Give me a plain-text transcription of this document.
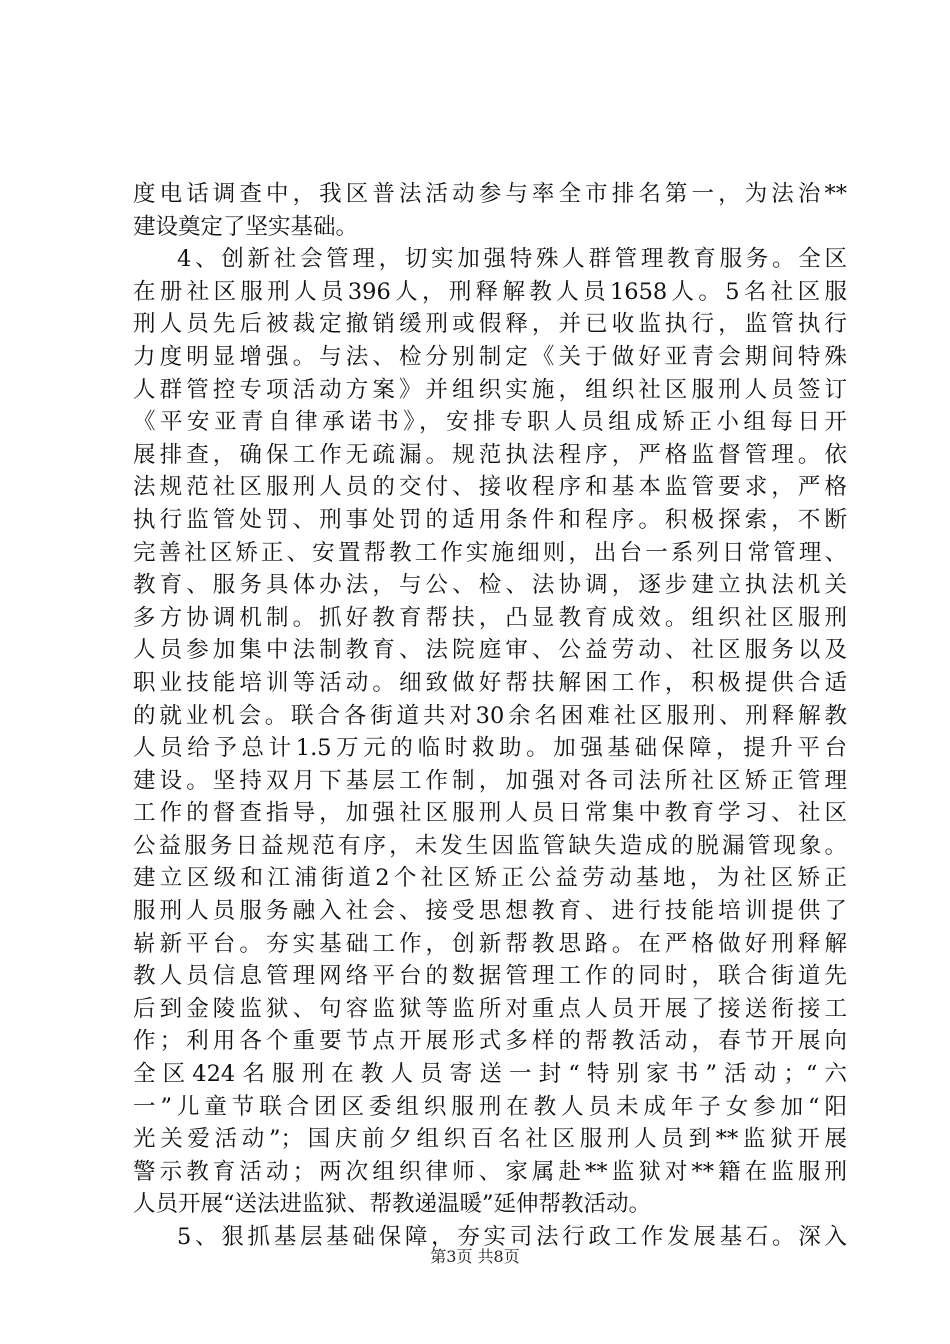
度电话调查中，我区普法活动参与率全市排名第一，为法治**
建设奠定了坚实基础。
4、创新社会管理，切实加强特殊人群管理教育服务。全区
在册社区服刑人员396人，刑释解教人员1658人。5名社区服
刑人员先后被裁定撤销缓刑或假释，并已收监执行，监管执行
力度明显增强。与法、检分别制定《关于做好亚青会期间特殊
人群管控专项活动方案》并组织实施，组织社区服刑人员签订
《平安亚青自律承诺书》，安排专职人员组成矫正小组每日开
展排查，确保工作无疏漏。规范执法程序，严格监督管理。依
法规范社区服刑人员的交付、接收程序和基本监管要求，严格
执行监管处罚、刑事处罚的适用条件和程序。积极探索，不断
完善社区矫正、安置帮教工作实施细则，出台一系列日常管理、
教育、服务具体办法，与公、检、法协调，逐步建立执法机关
多方协调机制。抓好教育帮扶，凸显教育成效。组织社区服刑
人员参加集中法制教育、法院庭审、公益劳动、社区服务以及
职业技能培训等活动。细致做好帮扶解困工作，积极提供合适
的就业机会。联合各街道共对30余名困难社区服刑、刑释解教
人员给予总计1.5万元的临时救助。加强基础保障，提升平台
建设。坚持双月下基层工作制，加强对各司法所社区矫正管理
工作的督查指导，加强社区服刑人员日常集中教育学习、社区
公益服务日益规范有序，未发生因监管缺失造成的脱漏管现象。
建立区级和江浦街道2个社区矫正公益劳动基地，为社区矫正
服刑人员服务融入社会、接受思想教育、进行技能培训提供了
崭新平台。夯实基础工作，创新帮教思路。在严格做好刑释解
教人员信息管理网络平台的数据管理工作的同时，联合街道先
后到金陵监狱、句容监狱等监所对重点人员开展了接送衔接工
作；利用各个重要节点开展形式多样的帮教活动，春节开展向
全区424名服刑在教人员寄送一封“特别家书”活动；“六
一”儿童节联合团区委组织服刑在教人员未成年子女参加“阳
光关爱活动”；国庆前夕组织百名社区服刑人员到**监狱开展
警示教育活动；两次组织律师、家属赴**监狱对**籍在监服刑
人员开展“送法进监狱、帮教递温暖”延伸帮教活动。
5、狠抓基层基础保障，夯实司法行政工作发展基石。深入
第3页 共8页
